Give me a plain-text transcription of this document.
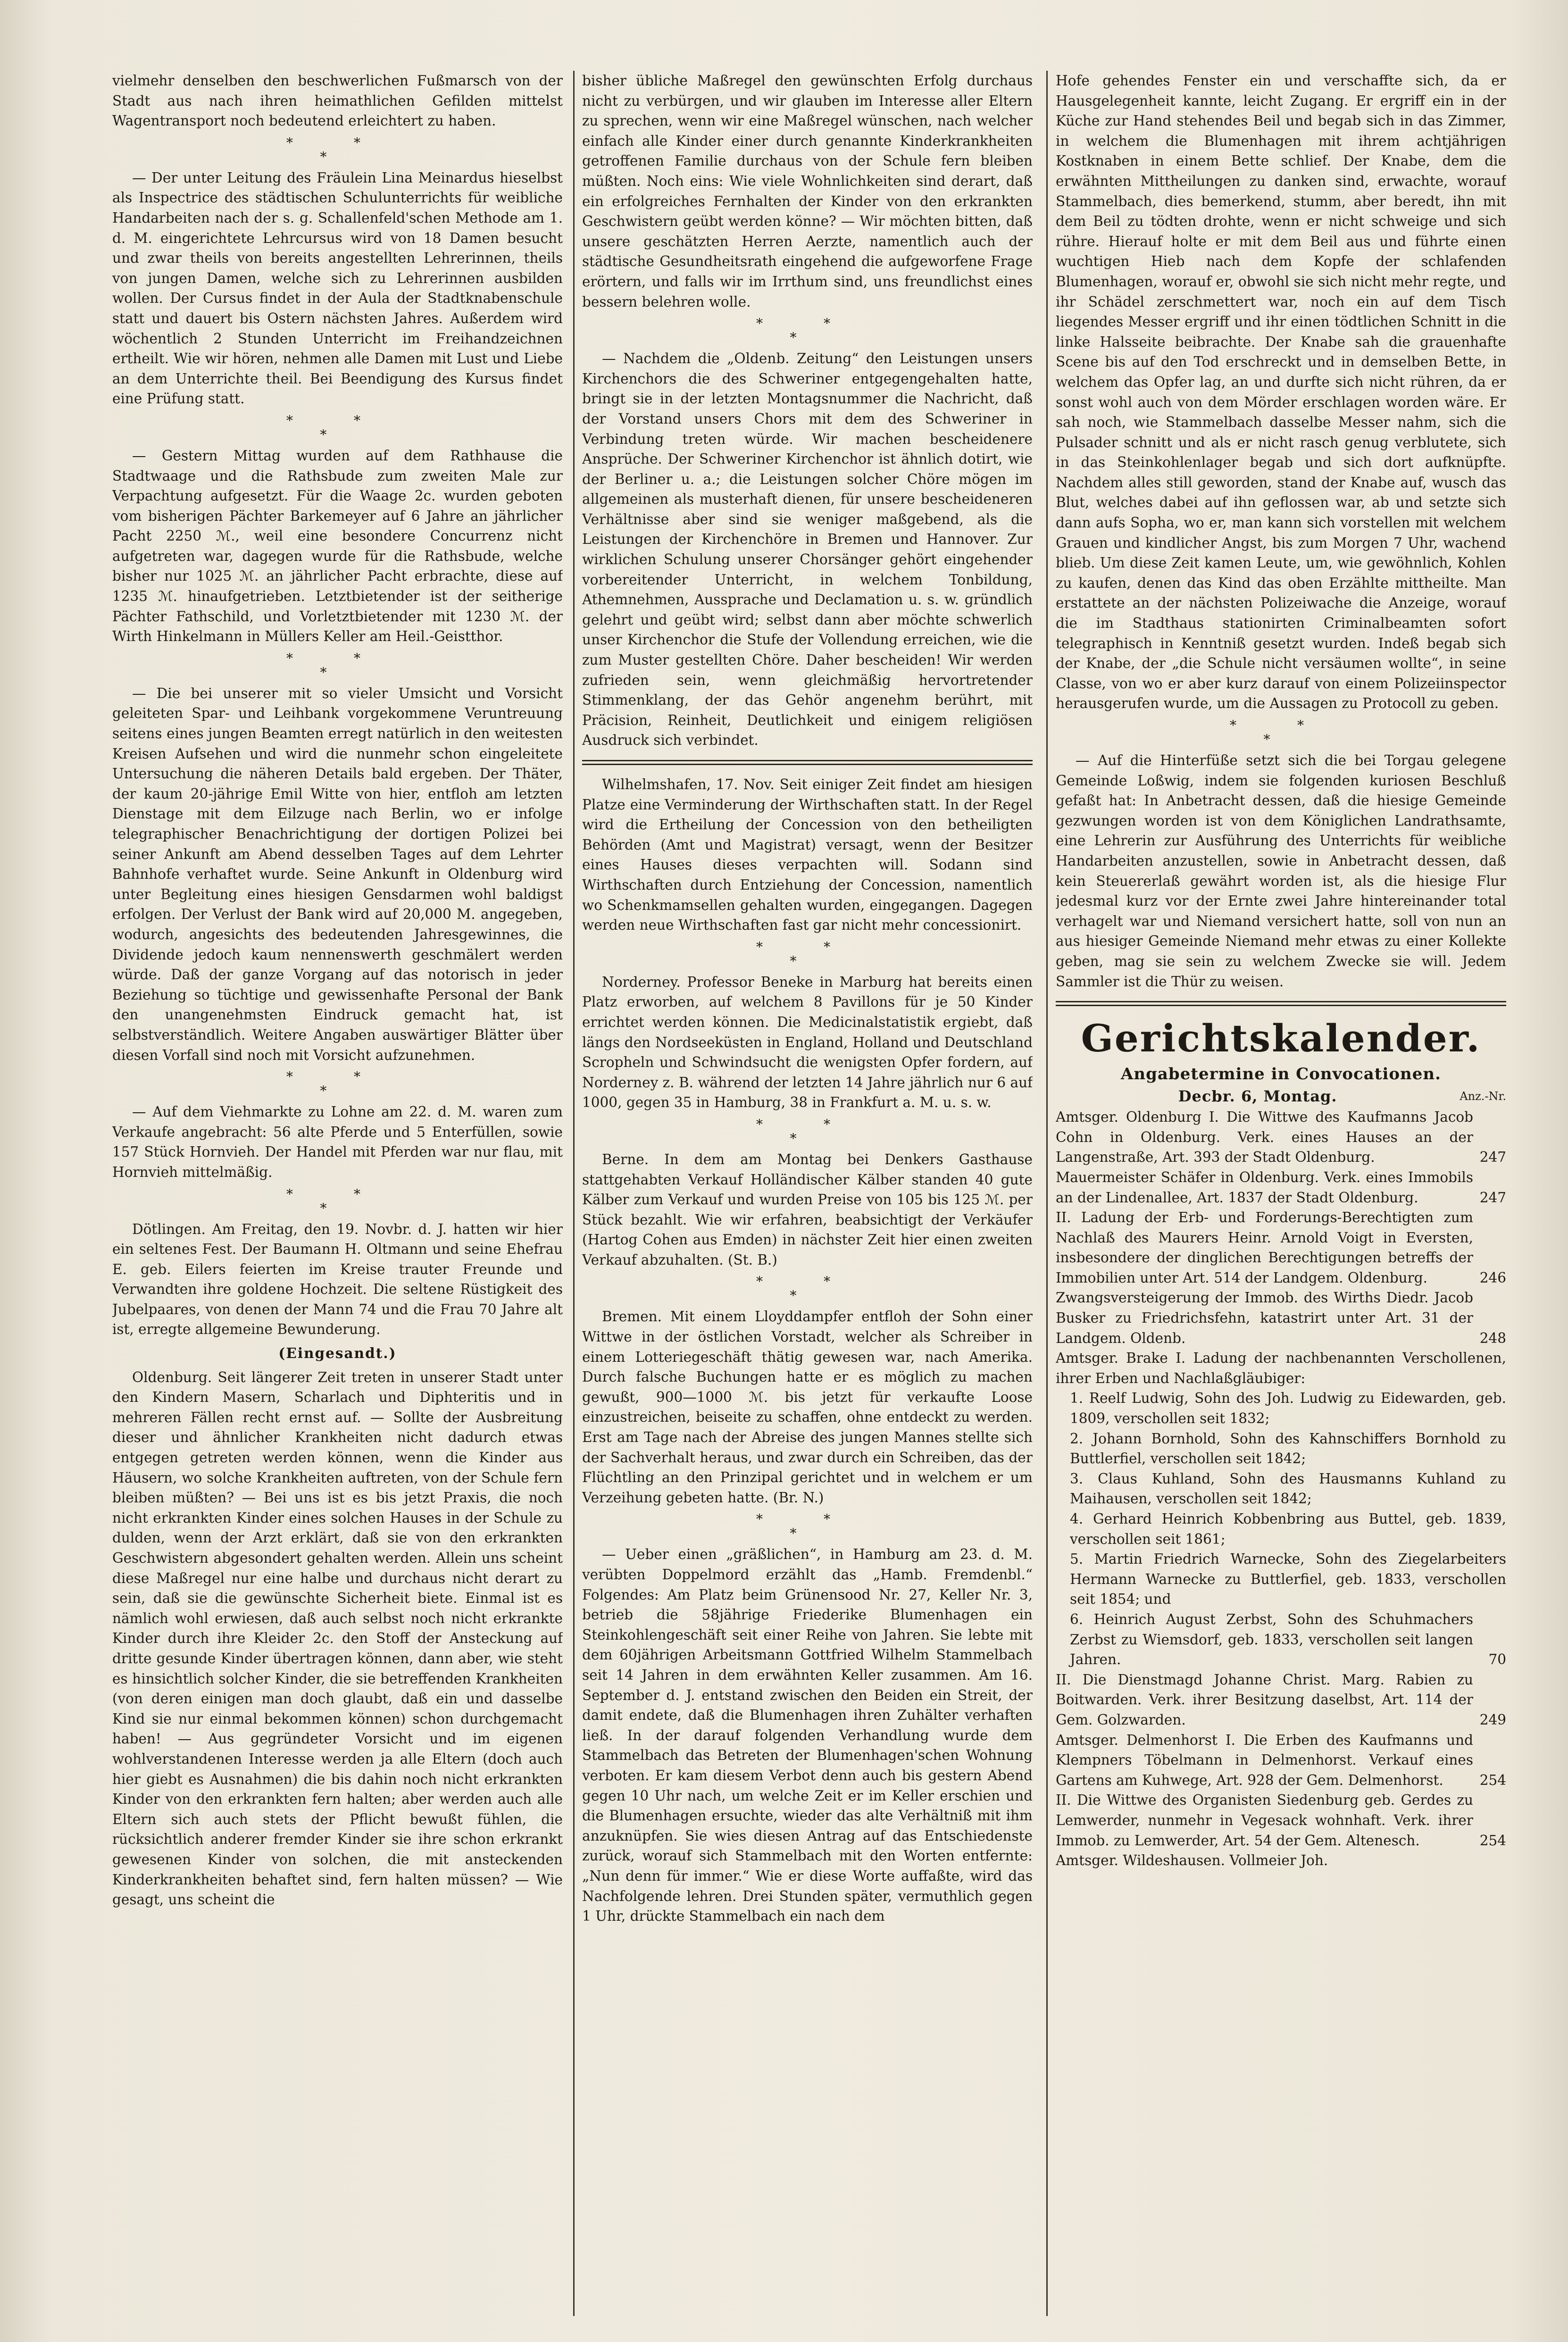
vielmehr denselben den beschwerlichen Fußmarsch von der Stadt aus nach ihren heimathlichen Gefilden mittelst Wagentransport noch bedeutend erleichtert zu haben.

* *
*

— Der unter Leitung des Fräulein Lina Meinardus hieselbst als Inspectrice des städtischen Schulunterrichts für weibliche Handarbeiten nach der s. g. Schallenfeld'schen Methode am 1. d. M. eingerichtete Lehrcursus wird von 18 Damen besucht und zwar theils von bereits angestellten Lehrerinnen, theils von jungen Damen, welche sich zu Lehrerinnen ausbilden wollen. Der Cursus findet in der Aula der Stadtknabenschule statt und dauert bis Ostern nächsten Jahres. Außerdem wird wöchentlich 2 Stunden Unterricht im Freihandzeichnen ertheilt. Wie wir hören, nehmen alle Damen mit Lust und Liebe an dem Unterrichte theil. Bei Beendigung des Kursus findet eine Prüfung statt.

* *
*

— Gestern Mittag wurden auf dem Rathhause die Stadtwaage und die Rathsbude zum zweiten Male zur Verpachtung aufgesetzt. Für die Waage 2c. wurden geboten vom bisherigen Pächter Barkemeyer auf 6 Jahre an jährlicher Pacht 2250 ℳ., weil eine besondere Concurrenz nicht aufgetreten war, dagegen wurde für die Rathsbude, welche bisher nur 1025 ℳ. an jährlicher Pacht erbrachte, diese auf 1235 ℳ. hinaufgetrieben. Letztbietender ist der seitherige Pächter Fathschild, und Vorletztbietender mit 1230 ℳ. der Wirth Hinkelmann in Müllers Keller am Heil.-Geistthor.

* *
*

— Die bei unserer mit so vieler Umsicht und Vorsicht geleiteten Spar- und Leihbank vorgekommene Veruntreuung seitens eines jungen Beamten erregt natürlich in den weitesten Kreisen Aufsehen und wird die nunmehr schon eingeleitete Untersuchung die näheren Details bald ergeben. Der Thäter, der kaum 20-jährige Emil Witte von hier, entfloh am letzten Dienstage mit dem Eilzuge nach Berlin, wo er infolge telegraphischer Benachrichtigung der dortigen Polizei bei seiner Ankunft am Abend desselben Tages auf dem Lehrter Bahnhofe verhaftet wurde. Seine Ankunft in Oldenburg wird unter Begleitung eines hiesigen Gensdarmen wohl baldigst erfolgen. Der Verlust der Bank wird auf 20,000 M. angegeben, wodurch, angesichts des bedeutenden Jahresgewinnes, die Dividende jedoch kaum nennenswerth geschmälert werden würde. Daß der ganze Vorgang auf das notorisch in jeder Beziehung so tüchtige und gewissenhafte Personal der Bank den unangenehmsten Eindruck gemacht hat, ist selbstverständlich. Weitere Angaben auswärtiger Blätter über diesen Vorfall sind noch mit Vorsicht aufzunehmen.

* *
*

— Auf dem Viehmarkte zu Lohne am 22. d. M. waren zum Verkaufe angebracht: 56 alte Pferde und 5 Enterfüllen, sowie 157 Stück Hornvieh. Der Handel mit Pferden war nur flau, mit Hornvieh mittelmäßig.

* *
*

Dötlingen. Am Freitag, den 19. Novbr. d. J. hatten wir hier ein seltenes Fest. Der Baumann H. Oltmann und seine Ehefrau E. geb. Eilers feierten im Kreise trauter Freunde und Verwandten ihre goldene Hochzeit. Die seltene Rüstigkeit des Jubelpaares, von denen der Mann 74 und die Frau 70 Jahre alt ist, erregte allgemeine Bewunderung.

(Eingesandt.)

Oldenburg. Seit längerer Zeit treten in unserer Stadt unter den Kindern Masern, Scharlach und Diphteritis und in mehreren Fällen recht ernst auf. — Sollte der Ausbreitung dieser und ähnlicher Krankheiten nicht dadurch etwas entgegen getreten werden können, wenn die Kinder aus Häusern, wo solche Krankheiten auftreten, von der Schule fern bleiben müßten? — Bei uns ist es bis jetzt Praxis, die noch nicht erkrankten Kinder eines solchen Hauses in der Schule zu dulden, wenn der Arzt erklärt, daß sie von den erkrankten Geschwistern abgesondert gehalten werden. Allein uns scheint diese Maßregel nur eine halbe und durchaus nicht derart zu sein, daß sie die gewünschte Sicherheit biete. Einmal ist es nämlich wohl erwiesen, daß auch selbst noch nicht erkrankte Kinder durch ihre Kleider 2c. den Stoff der Ansteckung auf dritte gesunde Kinder übertragen können, dann aber, wie steht es hinsichtlich solcher Kinder, die sie betreffenden Krankheiten (von deren einigen man doch glaubt, daß ein und dasselbe Kind sie nur einmal bekommen können) schon durchgemacht haben! — Aus gegründeter Vorsicht und im eigenen wohlverstandenen Interesse werden ja alle Eltern (doch auch hier giebt es Ausnahmen) die bis dahin noch nicht erkrankten Kinder von den erkrankten fern halten; aber werden auch alle Eltern sich auch stets der Pflicht bewußt fühlen, die rücksichtlich anderer fremder Kinder sie ihre schon erkrankt gewesenen Kinder von solchen, die mit ansteckenden Kinderkrankheiten behaftet sind, fern halten müssen? — Wie gesagt, uns scheint die

bisher übliche Maßregel den gewünschten Erfolg durchaus nicht zu verbürgen, und wir glauben im Interesse aller Eltern zu sprechen, wenn wir eine Maßregel wünschen, nach welcher einfach alle Kinder einer durch genannte Kinderkrankheiten getroffenen Familie durchaus von der Schule fern bleiben müßten. Noch eins: Wie viele Wohnlichkeiten sind derart, daß ein erfolgreiches Fernhalten der Kinder von den erkrankten Geschwistern geübt werden könne? — Wir möchten bitten, daß unsere geschätzten Herren Aerzte, namentlich auch der städtische Gesundheitsrath eingehend die aufgeworfene Frage erörtern, und falls wir im Irrthum sind, uns freundlichst eines bessern belehren wolle.

* *
*

— Nachdem die „Oldenb. Zeitung“ den Leistungen unsers Kirchenchors die des Schweriner entgegengehalten hatte, bringt sie in der letzten Montagsnummer die Nachricht, daß der Vorstand unsers Chors mit dem des Schweriner in Verbindung treten würde. Wir machen bescheidenere Ansprüche. Der Schweriner Kirchenchor ist ähnlich dotirt, wie der Berliner u. a.; die Leistungen solcher Chöre mögen im allgemeinen als musterhaft dienen, für unsere bescheideneren Verhältnisse aber sind sie weniger maßgebend, als die Leistungen der Kirchenchöre in Bremen und Hannover. Zur wirklichen Schulung unserer Chorsänger gehört eingehender vorbereitender Unterricht, in welchem Tonbildung, Athemnehmen, Aussprache und Declamation u. s. w. gründlich gelehrt und geübt wird; selbst dann aber möchte schwerlich unser Kirchenchor die Stufe der Vollendung erreichen, wie die zum Muster gestellten Chöre. Daher bescheiden! Wir werden zufrieden sein, wenn gleichmäßig hervortretender Stimmenklang, der das Gehör angenehm berührt, mit Präcision, Reinheit, Deutlichkeit und einigem religiösen Ausdruck sich verbindet.

Wilhelmshafen, 17. Nov. Seit einiger Zeit findet am hiesigen Platze eine Verminderung der Wirthschaften statt. In der Regel wird die Ertheilung der Concession von den betheiligten Behörden (Amt und Magistrat) versagt, wenn der Besitzer eines Hauses dieses verpachten will. Sodann sind Wirthschaften durch Entziehung der Concession, namentlich wo Schenkmamsellen gehalten wurden, eingegangen. Dagegen werden neue Wirthschaften fast gar nicht mehr concessionirt.

* *
*

Norderney. Professor Beneke in Marburg hat bereits einen Platz erworben, auf welchem 8 Pavillons für je 50 Kinder errichtet werden können. Die Medicinalstatistik ergiebt, daß längs den Nordseeküsten in England, Holland und Deutschland Scropheln und Schwindsucht die wenigsten Opfer fordern, auf Norderney z. B. während der letzten 14 Jahre jährlich nur 6 auf 1000, gegen 35 in Hamburg, 38 in Frankfurt a. M. u. s. w.

* *
*

Berne. In dem am Montag bei Denkers Gasthause stattgehabten Verkauf Holländischer Kälber standen 40 gute Kälber zum Verkauf und wurden Preise von 105 bis 125 ℳ. per Stück bezahlt. Wie wir erfahren, beabsichtigt der Verkäufer (Hartog Cohen aus Emden) in nächster Zeit hier einen zweiten Verkauf abzuhalten. (St. B.)

* *
*

Bremen. Mit einem Lloyddampfer entfloh der Sohn einer Wittwe in der östlichen Vorstadt, welcher als Schreiber in einem Lotteriegeschäft thätig gewesen war, nach Amerika. Durch falsche Buchungen hatte er es möglich zu machen gewußt, 900—1000 ℳ. bis jetzt für verkaufte Loose einzustreichen, beiseite zu schaffen, ohne entdeckt zu werden. Erst am Tage nach der Abreise des jungen Mannes stellte sich der Sachverhalt heraus, und zwar durch ein Schreiben, das der Flüchtling an den Prinzipal gerichtet und in welchem er um Verzeihung gebeten hatte. (Br. N.)

* *
*

— Ueber einen „gräßlichen“, in Hamburg am 23. d. M. verübten Doppelmord erzählt das „Hamb. Fremdenbl.“ Folgendes: Am Platz beim Grünensood Nr. 27, Keller Nr. 3, betrieb die 58jährige Friederike Blumenhagen ein Steinkohlengeschäft seit einer Reihe von Jahren. Sie lebte mit dem 60jährigen Arbeitsmann Gottfried Wilhelm Stammelbach seit 14 Jahren in dem erwähnten Keller zusammen. Am 16. September d. J. entstand zwischen den Beiden ein Streit, der damit endete, daß die Blumenhagen ihren Zuhälter verhaften ließ. In der darauf folgenden Verhandlung wurde dem Stammelbach das Betreten der Blumenhagen'schen Wohnung verboten. Er kam diesem Verbot denn auch bis gestern Abend gegen 10 Uhr nach, um welche Zeit er im Keller erschien und die Blumenhagen ersuchte, wieder das alte Verhältniß mit ihm anzuknüpfen. Sie wies diesen Antrag auf das Entschiedenste zurück, worauf sich Stammelbach mit den Worten entfernte: „Nun denn für immer.“ Wie er diese Worte auffaßte, wird das Nachfolgende lehren. Drei Stunden später, vermuthlich gegen 1 Uhr, drückte Stammelbach ein nach dem

Hofe gehendes Fenster ein und verschaffte sich, da er Hausgelegenheit kannte, leicht Zugang. Er ergriff ein in der Küche zur Hand stehendes Beil und begab sich in das Zimmer, in welchem die Blumenhagen mit ihrem achtjährigen Kostknaben in einem Bette schlief. Der Knabe, dem die erwähnten Mittheilungen zu danken sind, erwachte, worauf Stammelbach, dies bemerkend, stumm, aber beredt, ihn mit dem Beil zu tödten drohte, wenn er nicht schweige und sich rühre. Hierauf holte er mit dem Beil aus und führte einen wuchtigen Hieb nach dem Kopfe der schlafenden Blumenhagen, worauf er, obwohl sie sich nicht mehr regte, und ihr Schädel zerschmettert war, noch ein auf dem Tisch liegendes Messer ergriff und ihr einen tödtlichen Schnitt in die linke Halsseite beibrachte. Der Knabe sah die grauenhafte Scene bis auf den Tod erschreckt und in demselben Bette, in welchem das Opfer lag, an und durfte sich nicht rühren, da er sonst wohl auch von dem Mörder erschlagen worden wäre. Er sah noch, wie Stammelbach dasselbe Messer nahm, sich die Pulsader schnitt und als er nicht rasch genug verblutete, sich in das Steinkohlenlager begab und sich dort aufknüpfte. Nachdem alles still geworden, stand der Knabe auf, wusch das Blut, welches dabei auf ihn geflossen war, ab und setzte sich dann aufs Sopha, wo er, man kann sich vorstellen mit welchem Grauen und kindlicher Angst, bis zum Morgen 7 Uhr, wachend blieb. Um diese Zeit kamen Leute, um, wie gewöhnlich, Kohlen zu kaufen, denen das Kind das oben Erzählte mittheilte. Man erstattete an der nächsten Polizeiwache die Anzeige, worauf die im Stadthaus stationirten Criminalbeamten sofort telegraphisch in Kenntniß gesetzt wurden. Indeß begab sich der Knabe, der „die Schule nicht versäumen wollte“, in seine Classe, von wo er aber kurz darauf von einem Polizeiinspector herausgerufen wurde, um die Aussagen zu Protocoll zu geben.

* *
*

— Auf die Hinterfüße setzt sich die bei Torgau gelegene Gemeinde Loßwig, indem sie folgenden kuriosen Beschluß gefaßt hat: In Anbetracht dessen, daß die hiesige Gemeinde gezwungen worden ist von dem Königlichen Landrathsamte, eine Lehrerin zur Ausführung des Unterrichts für weibliche Handarbeiten anzustellen, sowie in Anbetracht dessen, daß kein Steuererlaß gewährt worden ist, als die hiesige Flur jedesmal kurz vor der Ernte zwei Jahre hintereinander total verhagelt war und Niemand versichert hatte, soll von nun an aus hiesiger Gemeinde Niemand mehr etwas zu einer Kollekte geben, mag sie sein zu welchem Zwecke sie will. Jedem Sammler ist die Thür zu weisen.

Gerichtskalender.
Angabetermine in Convocationen.
Decbr. 6, Montag.	Anz.-Nr.
Amtsger. Oldenburg I. Die Wittwe des Kaufmanns Jacob Cohn in Oldenburg. Verk. eines Hauses an der Langenstraße, Art. 393 der Stadt Oldenburg.	247
Mauermeister Schäfer in Oldenburg. Verk. eines Immobils an der Lindenallee, Art. 1837 der Stadt Oldenburg.	247
II. Ladung der Erb- und Forderungs-Berechtigten zum Nachlaß des Maurers Heinr. Arnold Voigt in Eversten, insbesondere der dinglichen Berechtigungen betreffs der Immobilien unter Art. 514 der Landgem. Oldenburg.	246
Zwangsversteigerung der Immob. des Wirths Diedr. Jacob Busker zu Friedrichsfehn, katastrirt unter Art. 31 der Landgem. Oldenb.	248
Amtsger. Brake I. Ladung der nachbenannten Verschollenen, ihrer Erben und Nachlaßgläubiger:
1. Reelf Ludwig, Sohn des Joh. Ludwig zu Eidewarden, geb. 1809, verschollen seit 1832;
2. Johann Bornhold, Sohn des Kahnschiffers Bornhold zu Buttlerfiel, verschollen seit 1842;
3. Claus Kuhland, Sohn des Hausmanns Kuhland zu Maihausen, verschollen seit 1842;
4. Gerhard Heinrich Kobbenbring aus Buttel, geb. 1839, verschollen seit 1861;
5. Martin Friedrich Warnecke, Sohn des Ziegelarbeiters Hermann Warnecke zu Buttlerfiel, geb. 1833, verschollen seit 1854; und
6. Heinrich August Zerbst, Sohn des Schuhmachers Zerbst zu Wiemsdorf, geb. 1833, verschollen seit langen Jahren.	70
II. Die Dienstmagd Johanne Christ. Marg. Rabien zu Boitwarden. Verk. ihrer Besitzung daselbst, Art. 114 der Gem. Golzwarden.	249
Amtsger. Delmenhorst I. Die Erben des Kaufmanns und Klempners Töbelmann in Delmenhorst. Verkauf eines Gartens am Kuhwege, Art. 928 der Gem. Delmenhorst.	254
II. Die Wittwe des Organisten Siedenburg geb. Gerdes zu Lemwerder, nunmehr in Vegesack wohnhaft. Verk. ihrer Immob. zu Lemwerder, Art. 54 der Gem. Altenesch.	254
Amtsger. Wildeshausen. Vollmeier Joh.
